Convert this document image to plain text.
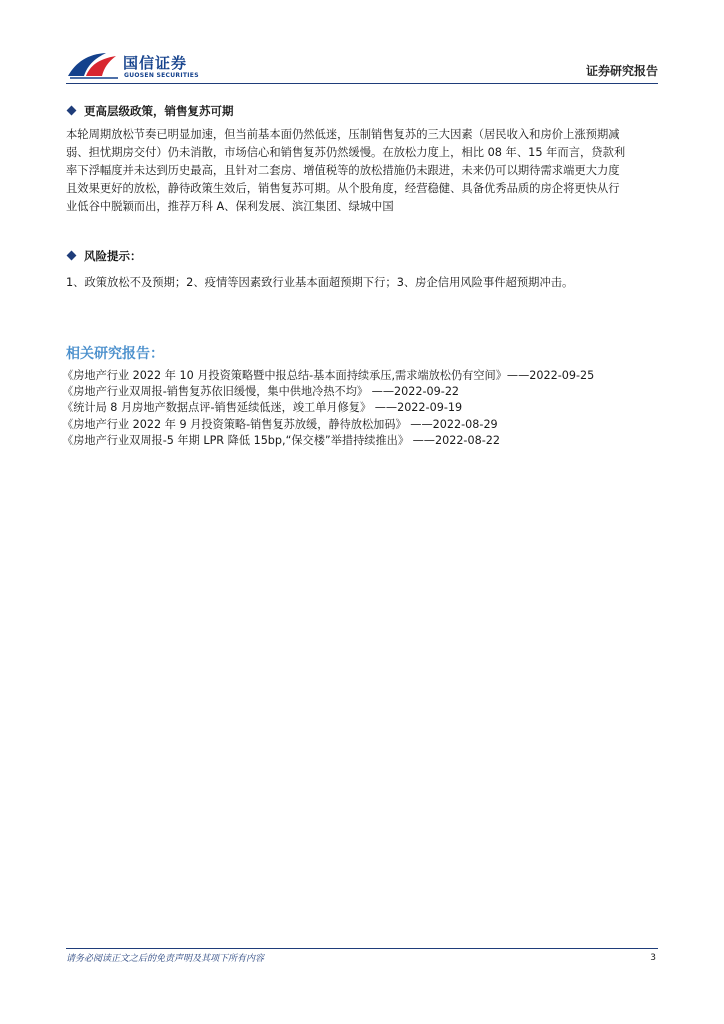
国信证券
GUOSEN SECURITIES	证券研究报告
更高层级政策，销售复苏可期
本轮周期放松节奏已明显加速，但当前基本面仍然低迷，压制销售复苏的三大因素（居民收入和房价上涨预期减
弱、担忧期房交付）仍未消散，市场信心和销售复苏仍然缓慢。在放松力度上，相比 08 年、15 年而言，贷款利
率下浮幅度并未达到历史最高，且针对二套房、增值税等的放松措施仍未跟进，未来仍可以期待需求端更大力度
且效果更好的放松，静待政策生效后，销售复苏可期。从个股角度，经营稳健、具备优秀品质的房企将更快从行
业低谷中脱颖而出，推荐万科 A、保利发展、滨江集团、绿城中国
风险提示：
1、政策放松不及预期；2、疫情等因素致行业基本面超预期下行；3、房企信用风险事件超预期冲击。
相关研究报告：
《房地产行业 2022 年 10 月投资策略暨中报总结-基本面持续承压,需求端放松仍有空间》——2022-09-25
《房地产行业双周报-销售复苏依旧缓慢，集中供地冷热不均》 ——2022-09-22
《统计局 8 月房地产数据点评-销售延续低迷，竣工单月修复》 ——2022-09-19
《房地产行业 2022 年 9 月投资策略-销售复苏放缓，静待放松加码》 ——2022-08-29
《房地产行业双周报-5 年期 LPR 降低 15bp,“保交楼”举措持续推出》 ——2022-08-22
请务必阅读正文之后的免责声明及其项下所有内容	3
